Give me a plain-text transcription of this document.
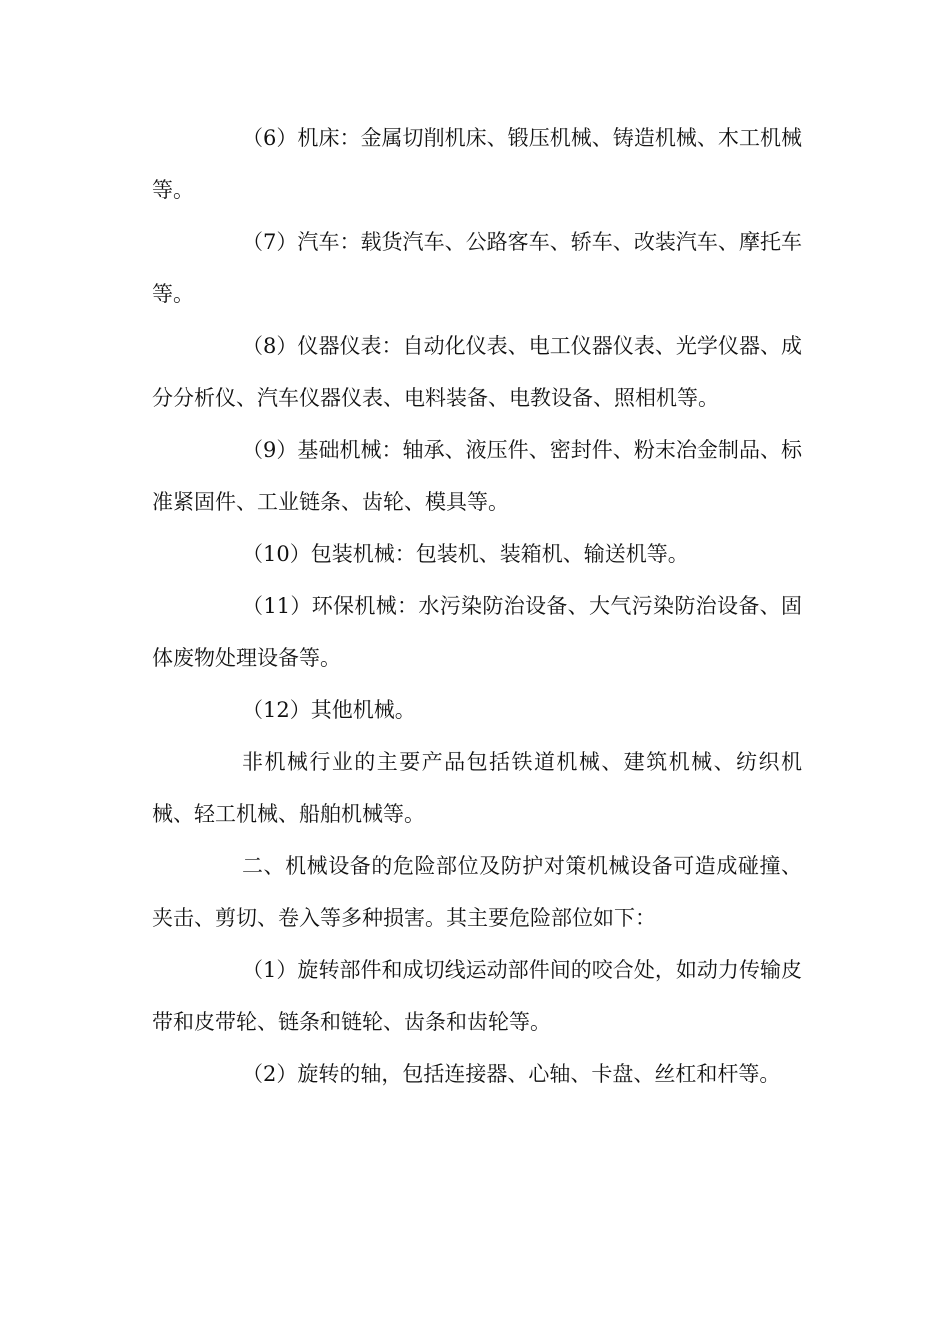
（6）机床：金属切削机床、锻压机械、铸造机械、木工机械等。

（7）汽车：载货汽车、公路客车、轿车、改装汽车、摩托车等。

（8）仪器仪表：自动化仪表、电工仪器仪表、光学仪器、成分分析仪、汽车仪器仪表、电料装备、电教设备、照相机等。

（9）基础机械：轴承、液压件、密封件、粉末冶金制品、标准紧固件、工业链条、齿轮、模具等。

（10）包装机械：包装机、装箱机、输送机等。

（11）环保机械：水污染防治设备、大气污染防治设备、固体废物处理设备等。

（12）其他机械。

非机械行业的主要产品包括铁道机械、建筑机械、纺织机械、轻工机械、船舶机械等。

二、机械设备的危险部位及防护对策机械设备可造成碰撞、夹击、剪切、卷入等多种损害。其主要危险部位如下：

（1）旋转部件和成切线运动部件间的咬合处，如动力传输皮带和皮带轮、链条和链轮、齿条和齿轮等。

（2）旋转的轴，包括连接器、心轴、卡盘、丝杠和杆等。
